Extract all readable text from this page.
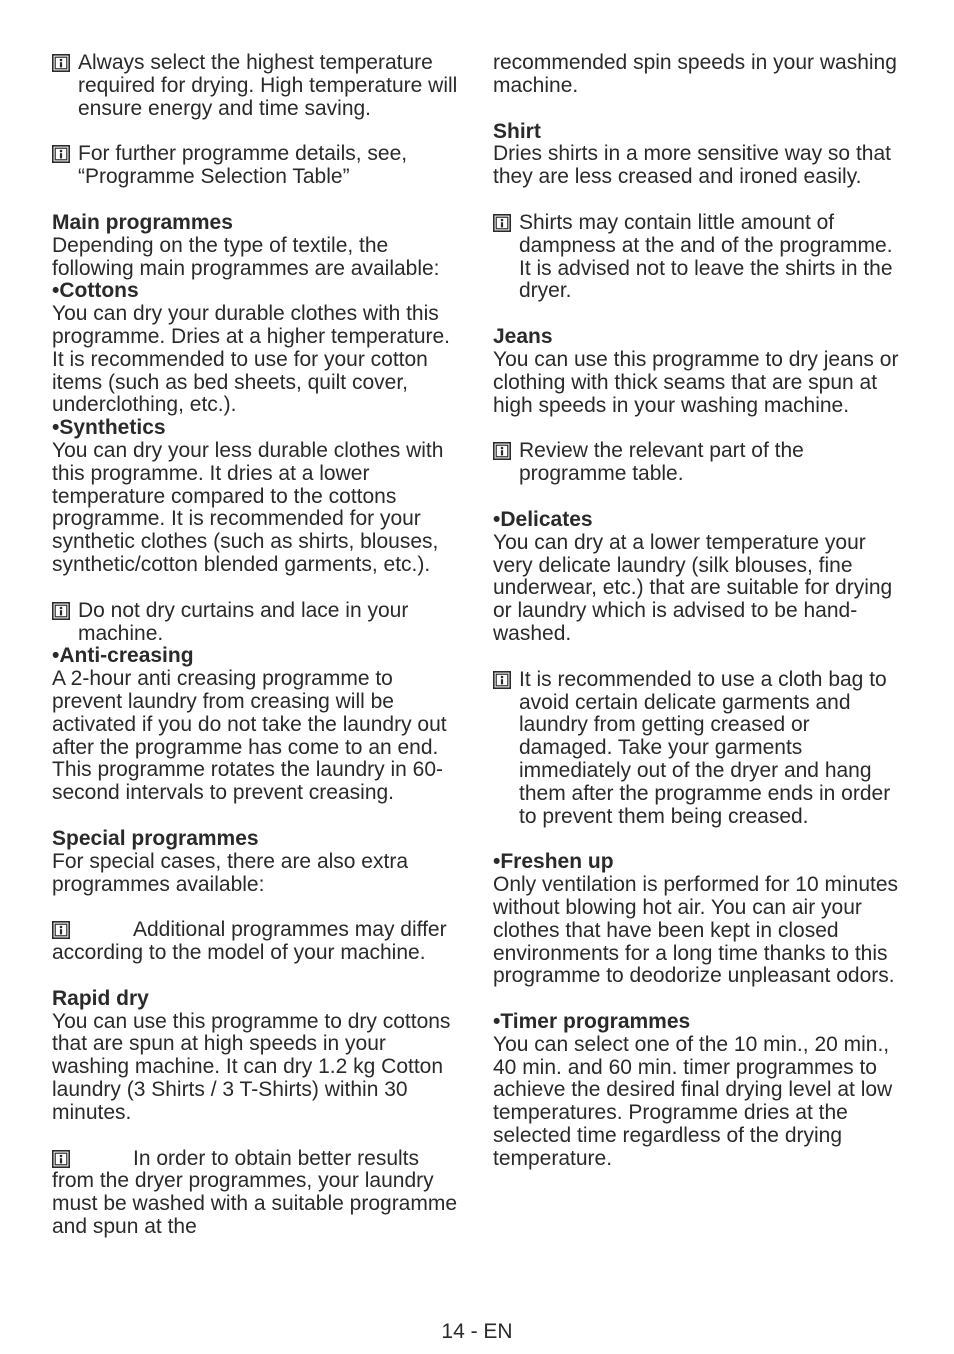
Always select the highest temperature required for drying. High temperature will ensure energy and time saving.
For further programme details, see, “Programme Selection Table”
Main programmes
Depending on the type of textile, the following main programmes are available:
•Cottons
You can dry your durable clothes with this programme. Dries at a higher temperature. It is recommended to use for your cotton items (such as bed sheets, quilt cover, underclothing, etc.).
•Synthetics
You can dry your less durable clothes with this programme. It dries at a lower temperature compared to the cottons programme. It is recommended for your synthetic clothes (such as shirts, blouses, synthetic/cotton blended garments, etc.).
Do not dry curtains and lace in your machine.
•Anti-creasing
A 2-hour anti creasing programme to prevent laundry from creasing will be activated if you do not take the laundry out after the programme has come to an end. This programme rotates the laundry in 60-second intervals to prevent creasing.
Special programmes
For special cases, there are also extra programmes available:
Additional programmes may differ according to the model of your machine.
Rapid dry
You can use this programme to dry cottons that are spun at high speeds in your washing machine. It can dry 1.2 kg Cotton laundry (3 Shirts / 3 T-Shirts) within 30 minutes.
In order to obtain better results from the dryer programmes, your laundry must be washed with a suitable programme and spun at the
recommended spin speeds in your washing machine.
Shirt
Dries shirts in a more sensitive way so that they are less creased and ironed easily.
Shirts may contain little amount of dampness at the and of the programme. It is advised not to leave the shirts in the dryer.
Jeans
You can use this programme to dry jeans or clothing with thick seams that are spun at high speeds in your washing machine.
Review the relevant part of the programme table.
•Delicates
You can dry at a lower temperature your very delicate laundry (silk blouses, fine underwear, etc.) that are suitable for drying or laundry which is advised to be hand-washed.
It is recommended to use a cloth bag to avoid certain delicate garments and laundry from getting creased or damaged. Take your garments immediately out of the dryer and hang them after the programme ends in order to prevent them being creased.
•Freshen up
Only ventilation is performed for 10 minutes without blowing hot air. You can air your clothes that have been kept in closed environments for a long time thanks to this programme to deodorize unpleasant odors.
•Timer programmes
You can select one of the 10 min., 20 min., 40 min. and 60 min. timer programmes to achieve the desired final drying level at low temperatures. Programme dries at the selected time regardless of the drying temperature.
14 - EN
